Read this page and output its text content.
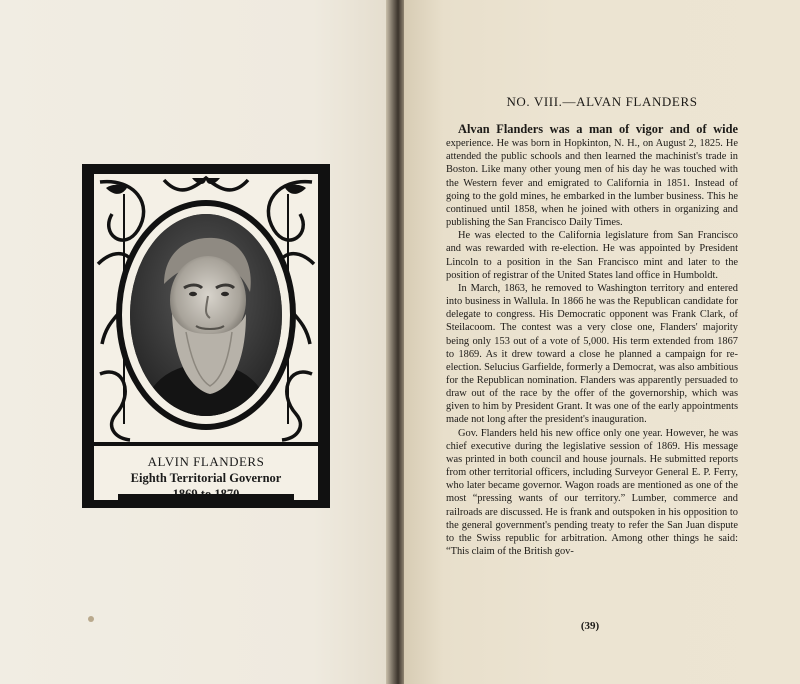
ALVIN FLANDERS
Eighth Territorial Governor
NO. VIII.—ALVAN FLANDERS

Alvan Flanders was a man of vigor and of wide experience. He was born in Hopkinton, N. H., on August 2, 1825. He attended the public schools and then learned the machinist's trade in Boston. Like many other young men of his day he was touched with the Western fever and emigrated to California in 1851. Instead of going to the gold mines, he embarked in the lumber business. This he continued until 1858, when he joined with others in organizing and publishing the San Francisco Daily Times.

He was elected to the California legislature from San Francisco and was rewarded with re-election. He was appointed by President Lincoln to a position in the San Francisco mint and later to the position of registrar of the United States land office in Humboldt.

In March, 1863, he removed to Washington territory and entered into business in Wallula. In 1866 he was the Republican candidate for delegate to congress. His Democratic opponent was Frank Clark, of Steilacoom. The contest was a very close one, Flanders' majority being only 153 out of a vote of 5,000. His term extended from 1867 to 1869. As it drew toward a close he planned a campaign for re-election. Selucius Garfielde, formerly a Democrat, was also ambitious for the Republican nomination. Flanders was apparently persuaded to draw out of the race by the offer of the governorship, which was given to him by President Grant. It was one of the early appointments made not long after the president's inauguration.

Gov. Flanders held his new office only one year. However, he was chief executive during the legislative session of 1869. His message was printed in both council and house journals. He submitted reports from other territorial officers, including Surveyor General E. P. Ferry, who later became governor. Wagon roads are mentioned as one of the most “pressing wants of our territory.” Lumber, commerce and railroads are discussed. He is frank and outspoken in his opposition to the general government's pending treaty to refer the San Juan dispute to the Swiss republic for arbitration. Among other things he said: “This claim of the British gov-

(39)
